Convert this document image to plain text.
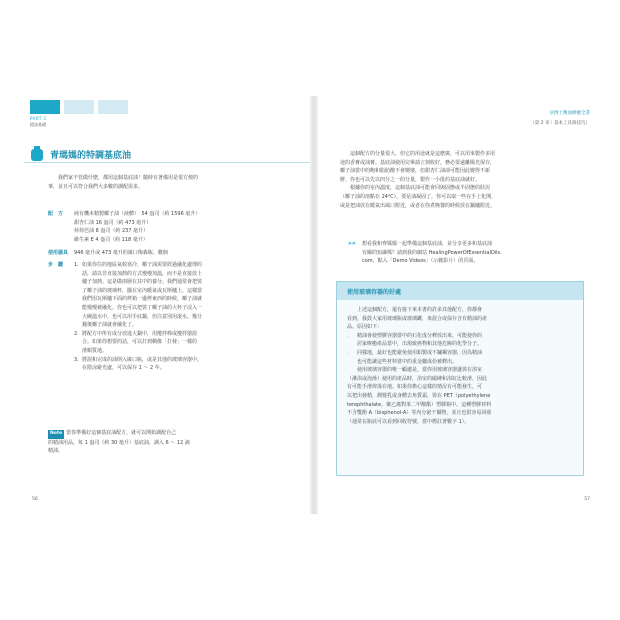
PART 1
精油基礎
青瑪媽的特調基底油
我們家不管做什麼，都用這個基底油！隨時有著備用是很方便的
事，並且可以符合我們大多數的調配需求。
配　方	純有機未精製椰子油（液體）　54 盎司（約 1596 毫升）
甜杏仁油 16 盎司（約 473 毫升）
荷荷芭油 8 盎司（約 237 毫升）
維生素 E 4 盎司（約 118 毫升）
使用器具	946 毫升或 473 毫升的廣口梅森瓶、數個
步　驟	1. 如果你住的地區氣候寒冷，椰子油需要經過融化處理的
話，請以非直接加熱的方式慢慢加溫，而不是直接放上
爐子加熱。這是做兩層在其中的養分。我們通常會把裝
了椰子油的玻璃杯，擺在室內暖氣或瓦斯爐上，這樣當
我們用瓦斯爐下面的烤箱一邊烤東西的時候，椰子油就
能慢慢被融化。你也可以把裝了椰子油的大杯子浸入一
大碗溫水中，也可以用手底鍋，但注意別用滾水。幾分
鐘後椰子油就會融化了。
2. 將配方中所有成分放進大鍋中，用攪拌棒或攪拌器混
合。如果你想要的話，可以打到稠像「打發」一樣的
滑順質地。
3. 將混和完成的油倒入廣口瓶，或是其他的玻璃容器中。
在陰涼避光處，可以保存 1 ～ 2 年。
Note 當你準備好這個基底油配方，就可以開始調配自己
的精油用品，每 1 盎司（約 30 毫升）基底油，調入 6 ～ 12 滴
精油。
56
居博士精油療癒全書
（第 2 章｜基本工具與技巧）
這個配方的分量很大，但它的用途就是這麼廣，可以用來製作多用
途的香膏或油膏。基底油使用完畢請立刻收好，務必要遠離陽光保存，
椰子油當中的飽和脂肪酸不會變壞，但甜杏仁油卻可能因此變得不新
鮮，你也可以先以四分之一的分量，製作一小批的基底油就好。
根據你的室內溫度，這個基底油可能會同與固態或半固態的狀況
（椰子油的溶點在 24℃）。要是油凝固了，你可以取一些在手上化開，
或是把油放在暖氣出風口附近，或者在你煮晚餐的時候放在鍋爐附近。
»»	想看我和齊媽媽一起準備這個基底油，並分享更多和基底油
有關的知識嗎？請到我的網站 HealingPowerOfEssentialOils.
com，點入「Demo Videos」（示範影片）的頁面。
使用玻璃容器的好處
上述這個配方，還有接下來本書的許多其他配方，你都會
看到，我鼓大家用玻璃瓶或玻璃罐，來混合或保存含有精油的產
品。原因如下：
． 精油會使塑膠容器當中的石化成分釋放出來，可能使你的
居家療癒產品當中，出現致癌物和其他危險的化學分子。
． 同樣地，最好也能避免使用鋁製或不鏽鋼容器，因為精油
也可能讓這些材料當中的重金屬成份被釋出。
使用玻璃容器的唯一顧慮是，當你用玻璃容器盛裝在浴室
（淋浴或泡澡）使用的產品時，浴室的磁磚和浴缸比較滑，因此
有可能手滑摔落在地。如果你擔心這樣的情況有可能發生，可
以把出發精，潤髮乳或身體去角質霜，裝在 PET（polyethylene
terephthalate，聚乙烯對苯二甲酸酯）塑膠瓶中。這種塑膠材料
不含雙酚 A（bisphenol-A）等內分泌干擾物，並且也很容易回收
（通常在瓶底可以看到回收符號，當中標註著數字 1）。
57
